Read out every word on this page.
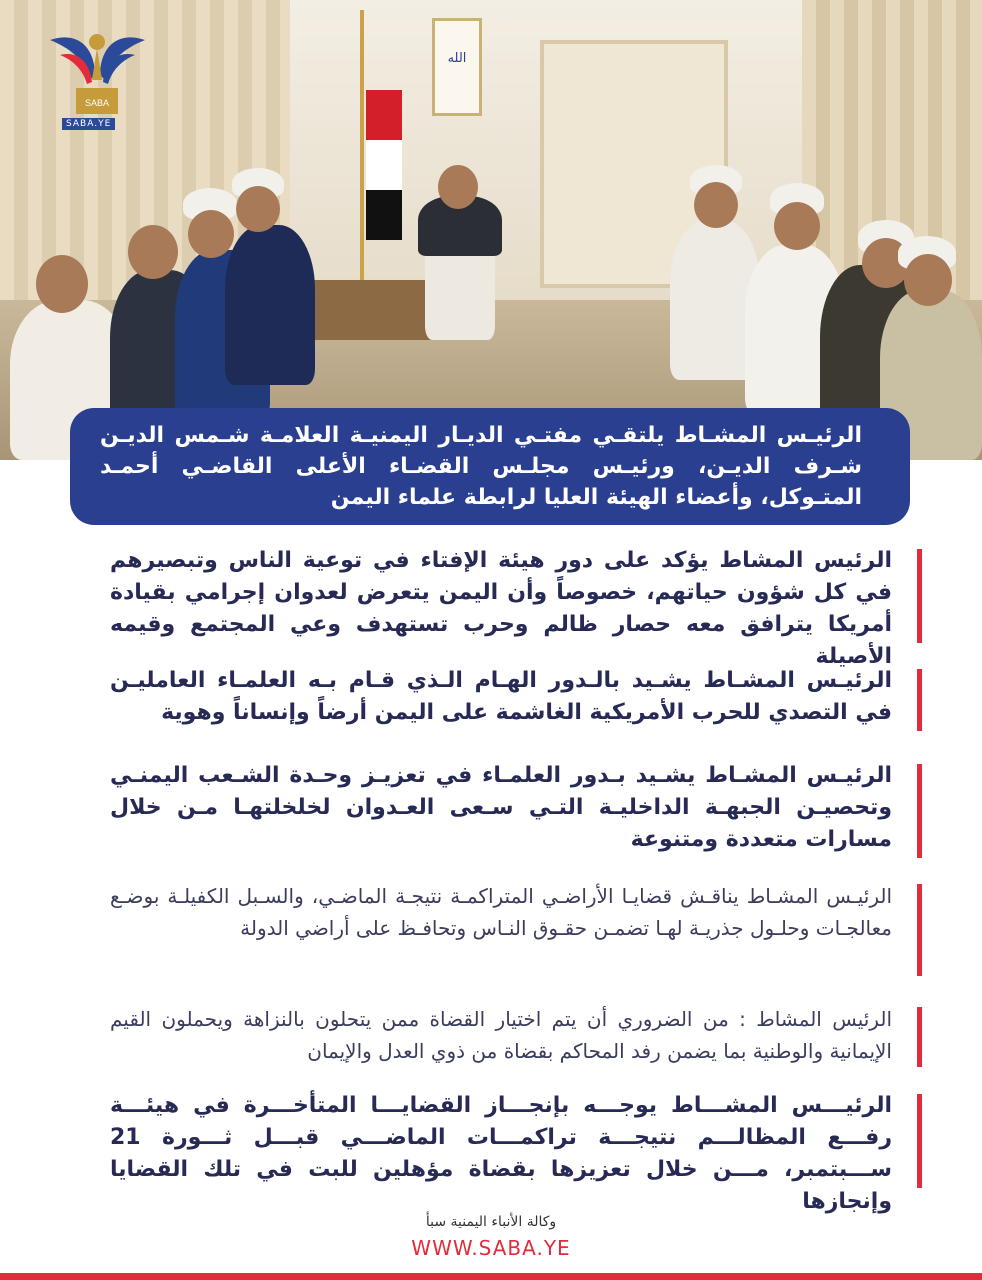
الله
SABA
SABA.YE
الرئيـس المشـاط يلتقـي مفتـي الديـار اليمنيـة العلامـة شـمس الديـن شـرف الديـن، ورئيـس مجلـس القضـاء الأعلى القاضـي أحمـد المتـوكل، وأعضاء الهيئة العليا لرابطة علماء اليمن
الرئيس المشاط يؤكد على دور هيئة الإفتاء في توعية الناس وتبصيرهم في كل شؤون حياتهم، خصوصاً وأن اليمن يتعرض لعدوان إجرامي بقيادة أمريكا يترافق معه حصار ظالم وحرب تستهدف وعي المجتمع وقيمه الأصيلة
الرئيـس المشـاط يشـيد بالـدور الهـام الـذي قـام بـه العلمـاء العامليـن في التصدي للحرب الأمريكية الغاشمة على اليمن أرضاً وإنساناً وهوية
الرئيـس المشـاط يشـيد بـدور العلمـاء في تعزيـز وحـدة الشـعب اليمنـي وتحصيـن الجبهـة الداخليـة التـي سـعى العـدوان لخلخلتهـا مـن خلال مسارات متعددة ومتنوعة
الرئيـس المشـاط يناقـش قضايـا الأراضـي المتراكمـة نتيجـة الماضـي، والسـبل الكفيلـة بوضـع معالجـات وحلـول جذريـة لهـا تضمـن حقـوق النـاس وتحافـظ على أراضي الدولة
الرئيس المشاط : من الضروري أن يتم اختيار القضاة ممن يتحلون بالنزاهة ويحملون القيم الإيمانية والوطنية بما يضمن رفد المحاكم بقضاة من ذوي العدل والإيمان
الرئيـــس المشـــاط يوجـــه بإنجـــاز القضايـــا المتأخـــرة في هيئـــة رفـــع المظالـــم نتيجـــة تراكمـــات الماضـــي قبـــل ثـــورة 21 ســـبتمبر، مـــن خلال تعزيزها بقضاة مؤهلين للبت في تلك القضايا وإنجازها
وكالة الأنباء اليمنية سبأ
WWW.SABA.YE
